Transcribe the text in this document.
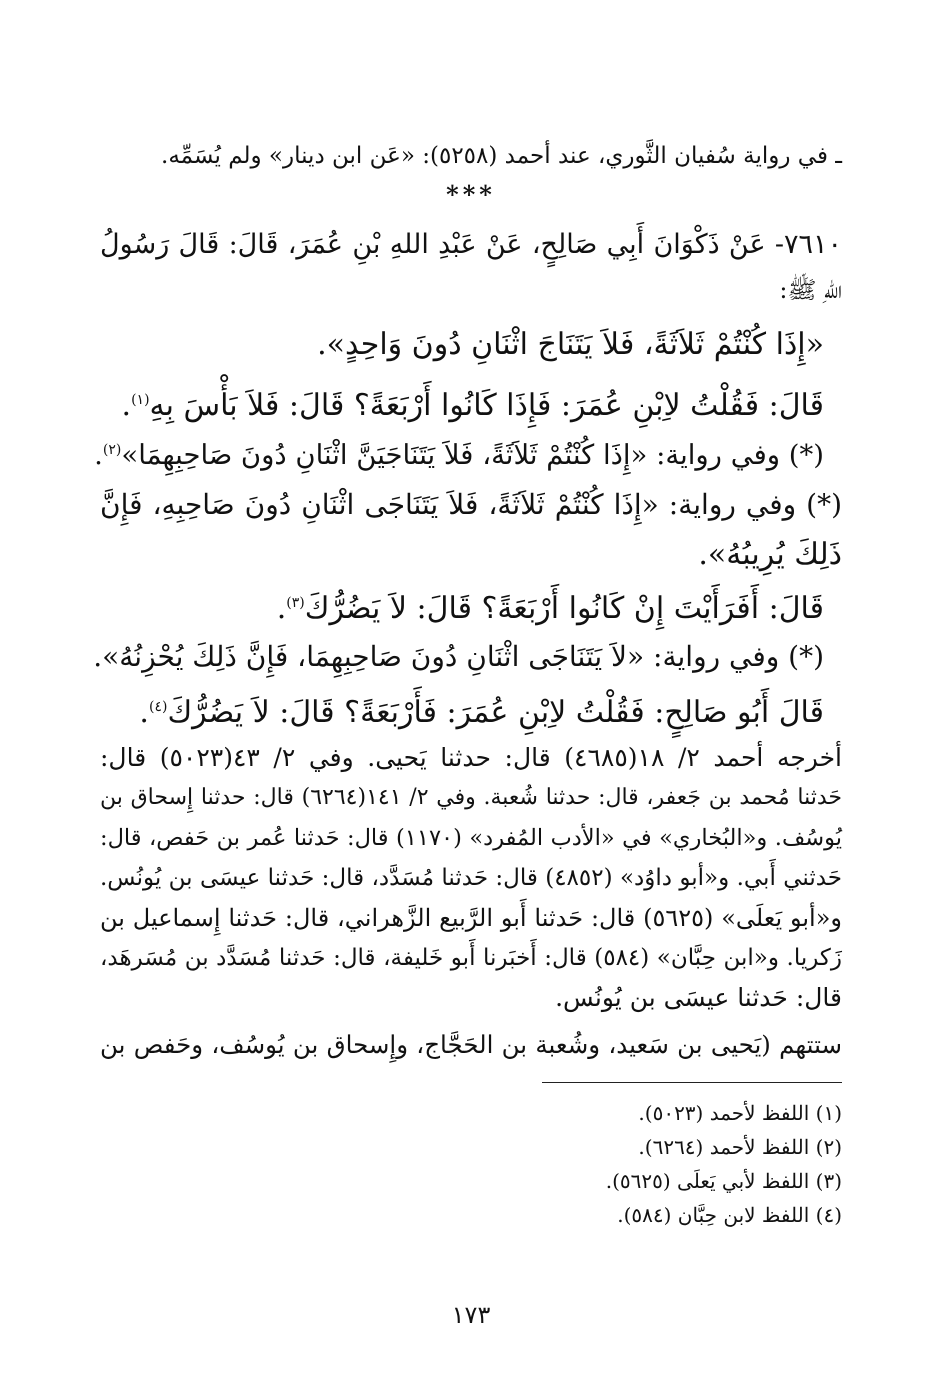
ـ في رواية سُفيان الثَّوري، عند أحمد (٥٢٥٨): «عَن ابن دينار» ولم يُسَمِّه.
***
٧٦١٠- عَنْ ذَكْوَانَ أَبِي صَالِحٍ، عَنْ عَبْدِ اللهِ بْنِ عُمَرَ، قَالَ: قَالَ رَسُولُ
اللهِ ﷺ:
«إِذَا كُنْتُمْ ثَلاَثَةً، فَلاَ يَتَنَاجَ اثْنَانِ دُونَ وَاحِدٍ».
قَالَ: فَقُلْتُ لاِبْنِ عُمَرَ: فَإِذَا كَانُوا أَرْبَعَةً؟ قَالَ: فَلاَ بَأْسَ بِهِ$^{(١)}$.
(*) وفي رواية: «إِذَا كُنْتُمْ ثَلاَثَةً، فَلاَ يَتَنَاجَيَنَّ اثْنَانِ دُونَ صَاحِبِهِمَا»$^{(٢)}$.
(*) وفي رواية: «إِذَا كُنْتُمْ ثَلاَثَةً، فَلاَ يَتَنَاجَى اثْنَانِ دُونَ صَاحِبِهِ، فَإِنَّ
ذَلِكَ يُرِيبُهُ».
قَالَ: أَفَرَأَيْتَ إِنْ كَانُوا أَرْبَعَةً؟ قَالَ: لاَ يَضُرُّكَ$^{(٣)}$.
(*) وفي رواية: «لاَ يَتَنَاجَى اثْنَانِ دُونَ صَاحِبِهِمَا، فَإِنَّ ذَلِكَ يُحْزِنُهُ».
قَالَ أَبُو صَالِحٍ: فَقُلْتُ لاِبْنِ عُمَرَ: فَأَرْبَعَةً؟ قَالَ: لاَ يَضُرُّكَ$^{(٤)}$.
أخرجه أحمد ٢/ ١٨(٤٦٨٥) قال: حدثنا يَحيى. وفي ٢/ ٤٣(٥٠٢٣) قال:
حَدثنا مُحمد بن جَعفر، قال: حدثنا شُعبة. وفي ٢/ ١٤١(٦٢٦٤) قال: حدثنا إِسحاق بن
يُوسُف. و«البُخاري» في «الأدب المُفرد» (١١٧٠) قال: حَدثنا عُمر بن حَفص، قال:
حَدثني أَبي. و«أبو داوُد» (٤٨٥٢) قال: حَدثنا مُسَدَّد، قال: حَدثنا عيسَى بن يُونُس.
و«أبو يَعلَى» (٥٦٢٥) قال: حَدثنا أَبو الرَّبيع الزَّهراني، قال: حَدثنا إِسماعيل بن
زَكريا. و«ابن حِبَّان» (٥٨٤) قال: أَخبَرنا أَبو خَليفة، قال: حَدثنا مُسَدَّد بن مُسَرهَد،
قال: حَدثنا عيسَى بن يُونُس.
ستتهم (يَحيى بن سَعيد، وشُعبة بن الحَجَّاج، وإِسحاق بن يُوسُف، وحَفص بن
(١) اللفظ لأحمد (٥٠٢٣).
(٢) اللفظ لأحمد (٦٢٦٤).
(٣) اللفظ لأبي يَعلَى (٥٦٢٥).
(٤) اللفظ لابن حِبَّان (٥٨٤).
١٧٣
